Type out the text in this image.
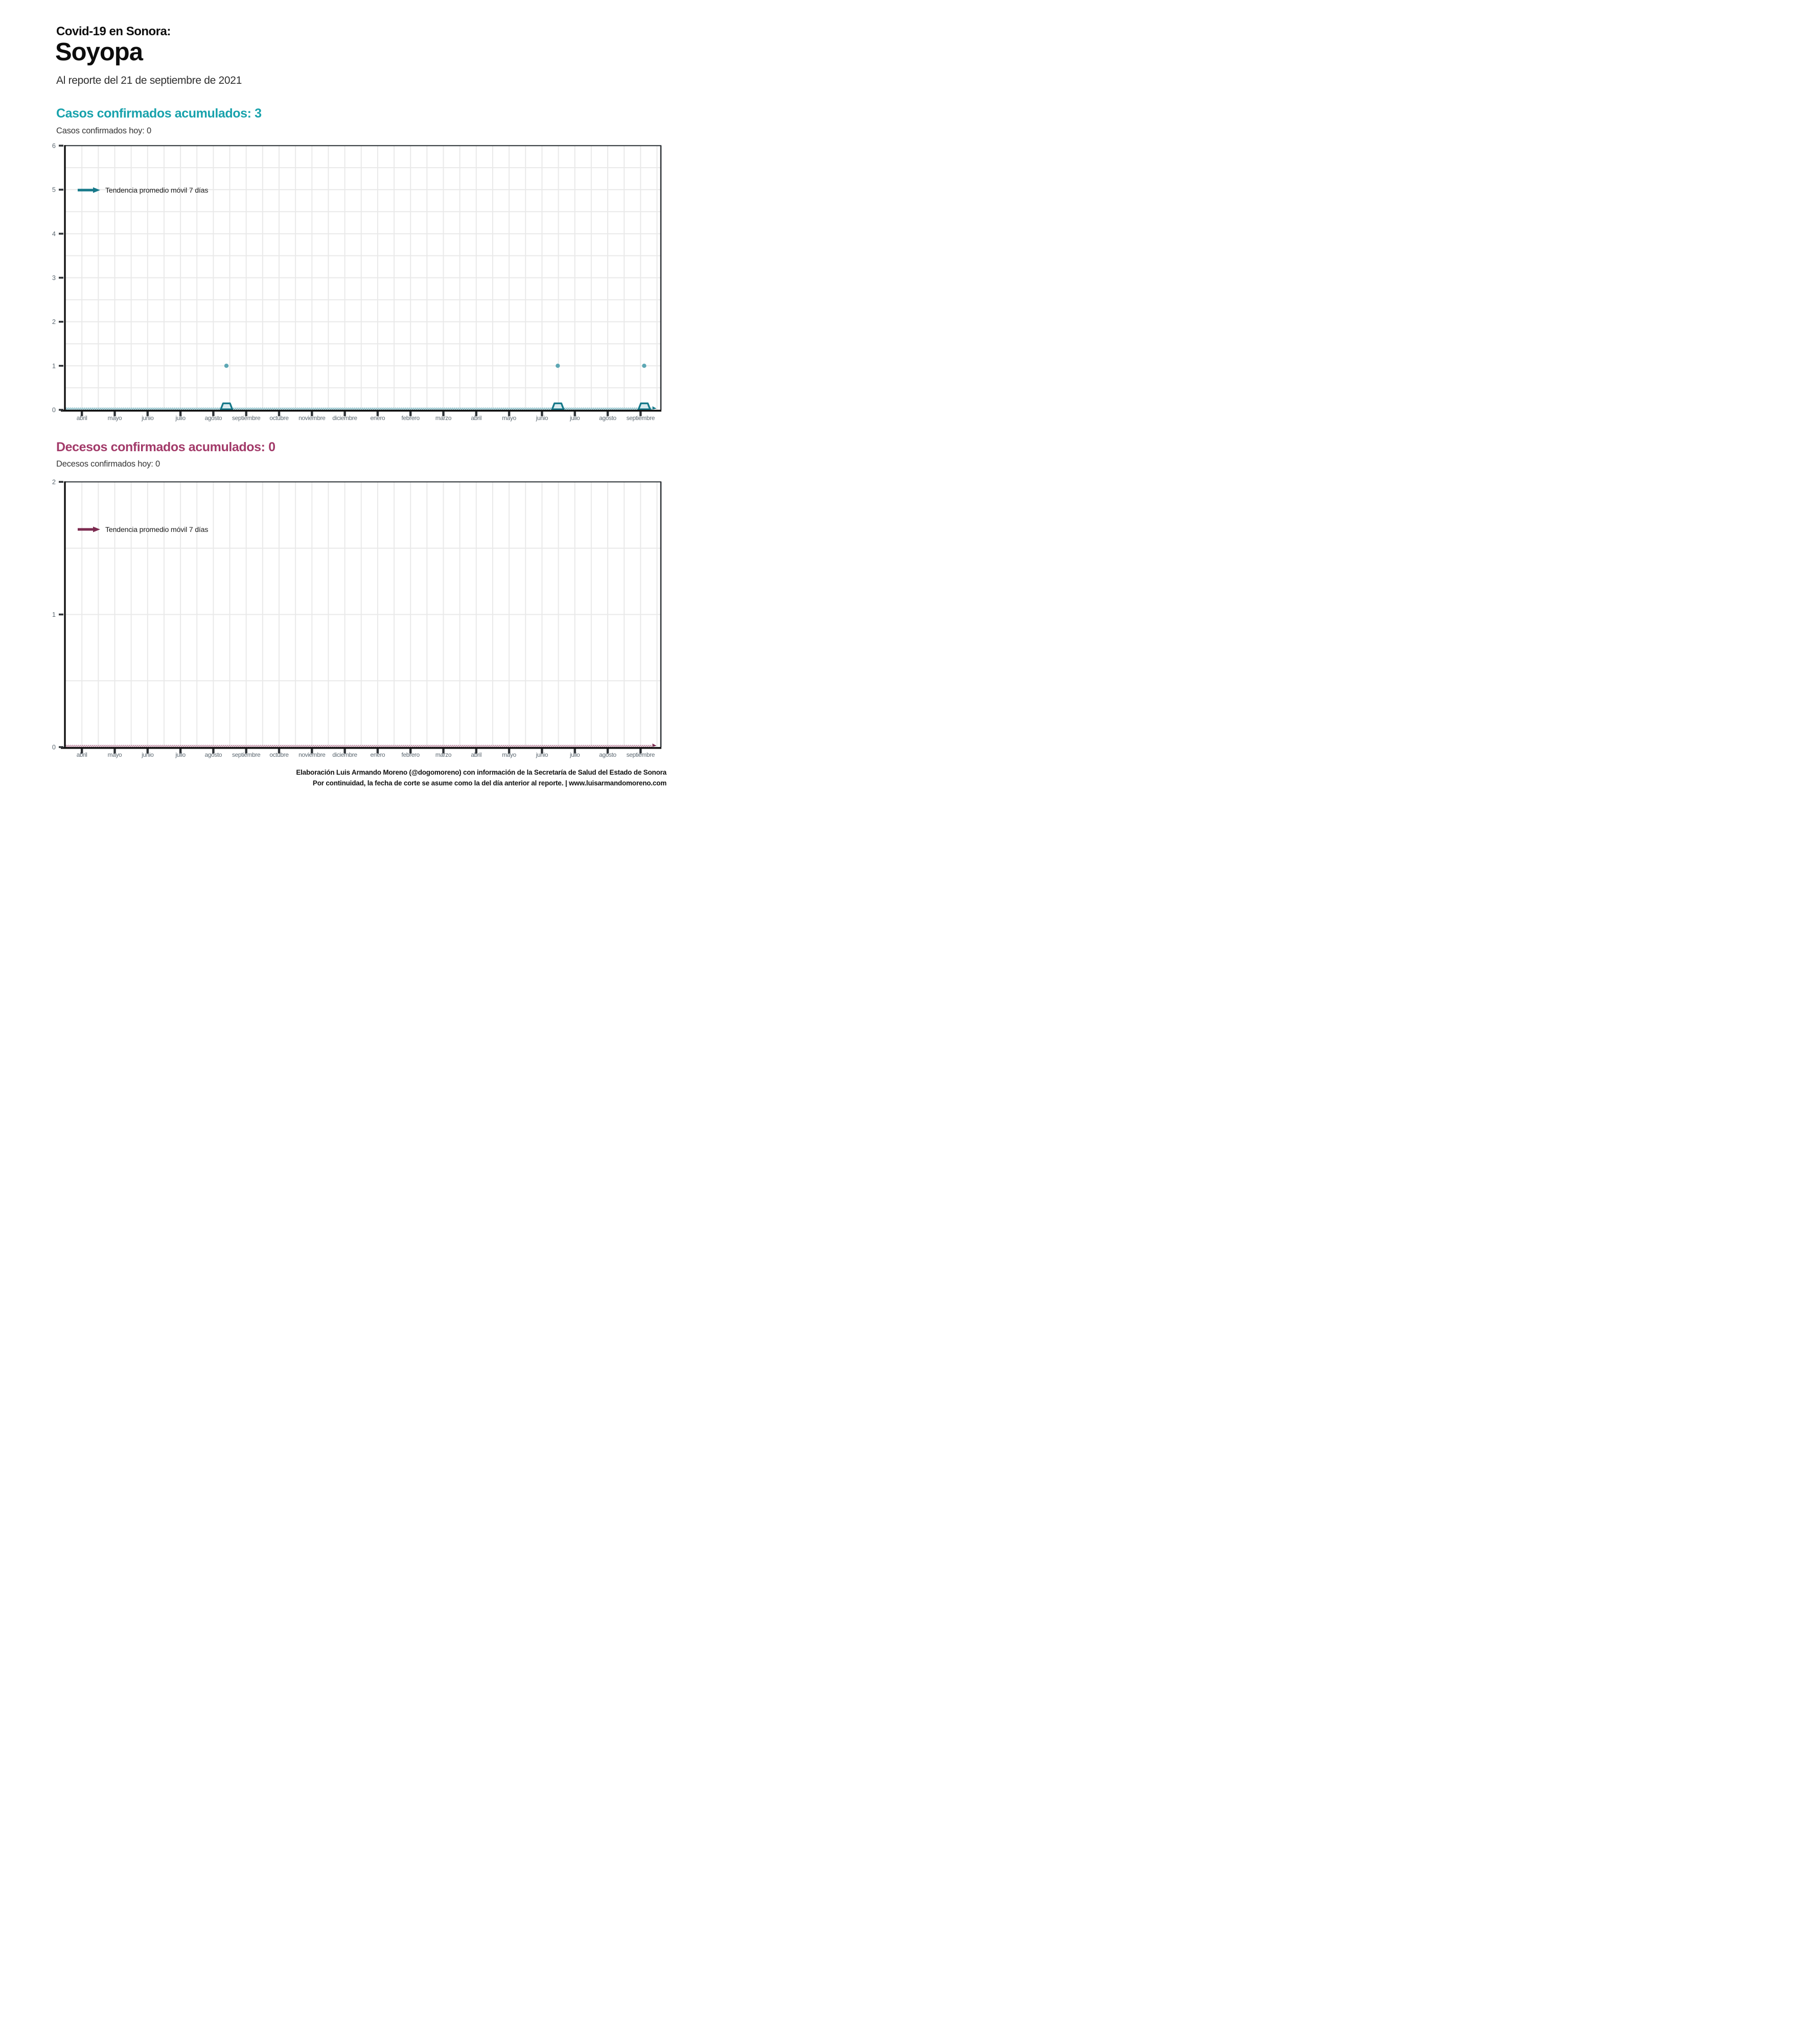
Covid-19 en Sonora:
Soyopa
Al reporte del 21 de septiembre de 2021
Casos confirmados acumulados: 3
Casos confirmados hoy: 0
0
1
2
3
4
5
6
abril	mayo	junio	julio	agosto septiembre octubre noviembre diciembre enero	febrero	marzo	abril	mayo	junio	julio	agosto septiembre
Tendencia promedio móvil 7 días
Decesos confirmados acumulados: 0
Decesos confirmados hoy: 0
0
1
2
abril	mayo	junio	julio	agosto septiembre octubre noviembre diciembre enero	febrero	marzo	abril	mayo	junio	julio	agosto septiembre
Tendencia promedio móvil 7 días
Elaboración Luis Armando Moreno (@dogomoreno) con información de la Secretaría de Salud del Estado de Sonora
Por continuidad, la fecha de corte se asume como la del día anterior al reporte. | www.luisarmandomoreno.com
